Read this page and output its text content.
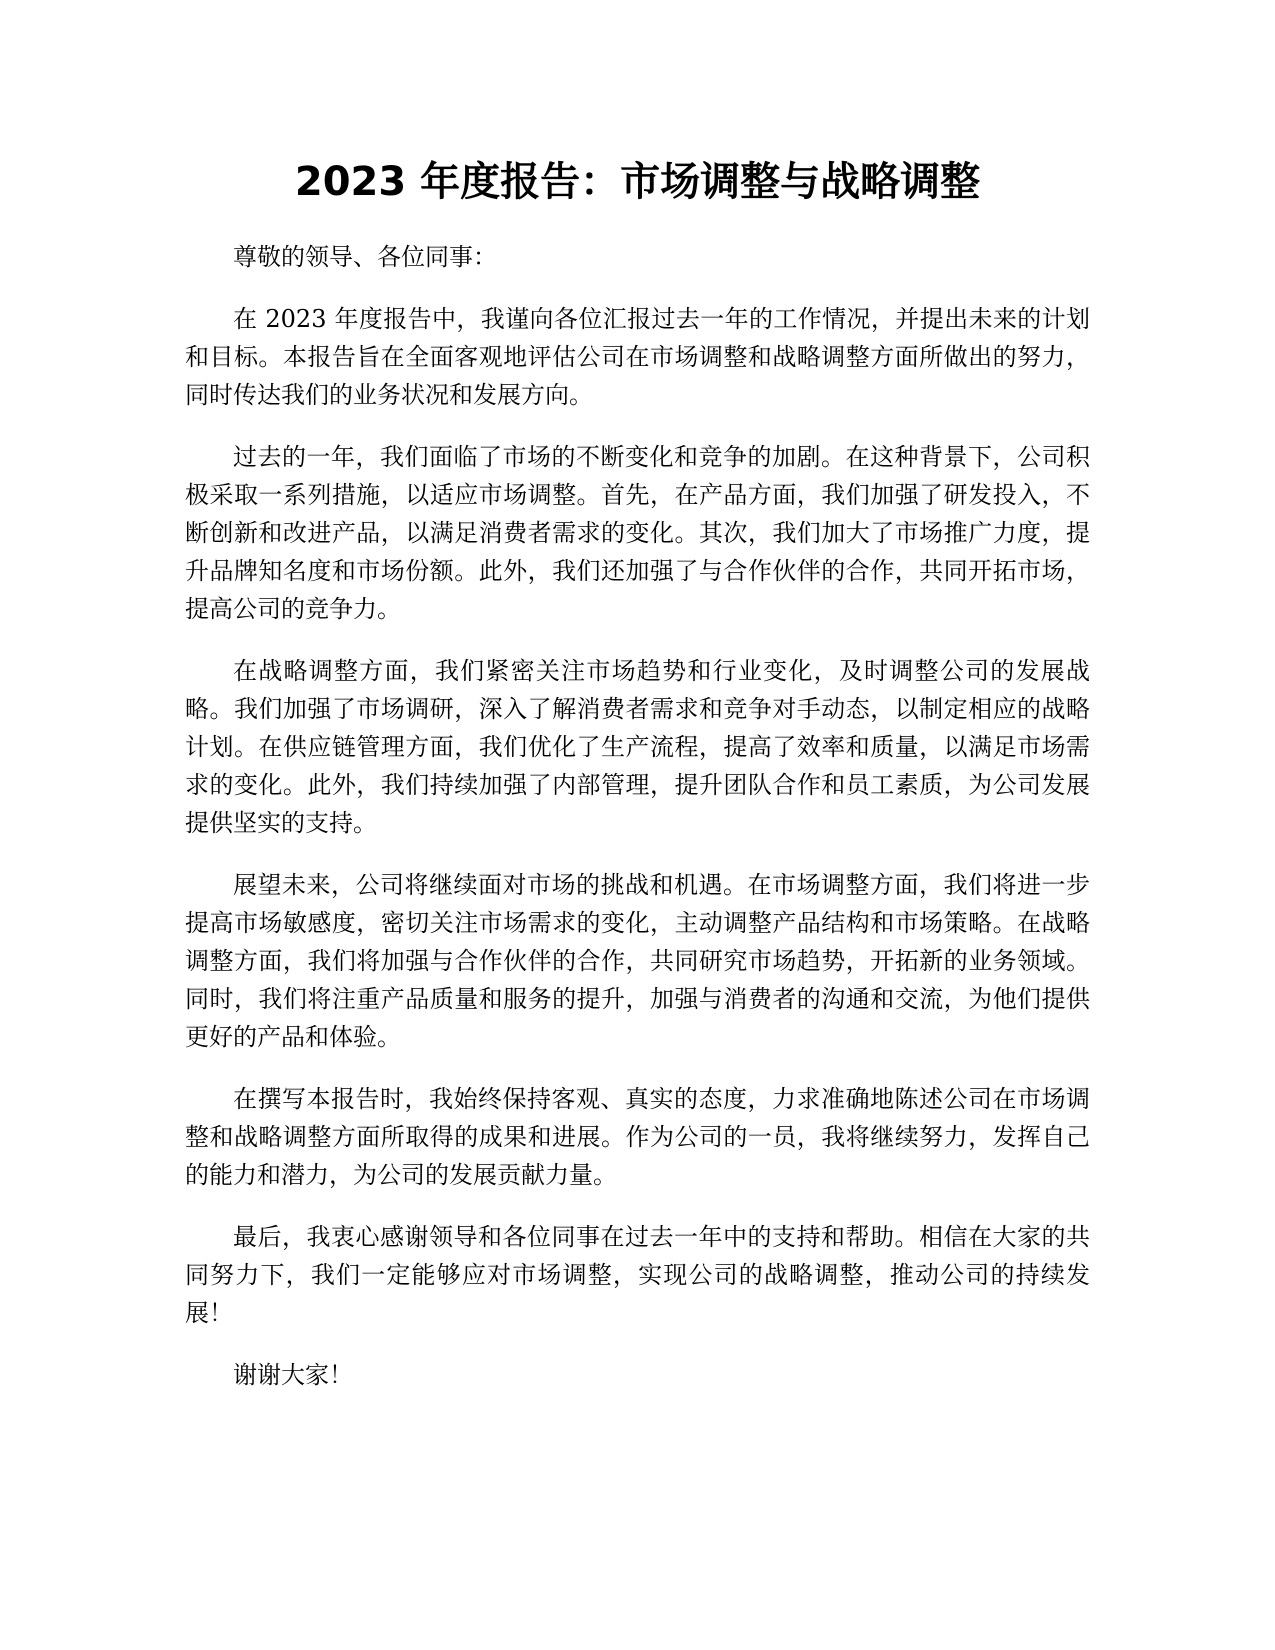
2023 年度报告：市场调整与战略调整

尊敬的领导、各位同事：

在 2023 年度报告中，我谨向各位汇报过去一年的工作情况，并提出未来的计划和目标。本报告旨在全面客观地评估公司在市场调整和战略调整方面所做出的努力，同时传达我们的业务状况和发展方向。

过去的一年，我们面临了市场的不断变化和竞争的加剧。在这种背景下，公司积极采取一系列措施，以适应市场调整。首先，在产品方面，我们加强了研发投入，不断创新和改进产品，以满足消费者需求的变化。其次，我们加大了市场推广力度，提升品牌知名度和市场份额。此外，我们还加强了与合作伙伴的合作，共同开拓市场，提高公司的竞争力。

在战略调整方面，我们紧密关注市场趋势和行业变化，及时调整公司的发展战略。我们加强了市场调研，深入了解消费者需求和竞争对手动态，以制定相应的战略计划。在供应链管理方面，我们优化了生产流程，提高了效率和质量，以满足市场需求的变化。此外，我们持续加强了内部管理，提升团队合作和员工素质，为公司发展提供坚实的支持。

展望未来，公司将继续面对市场的挑战和机遇。在市场调整方面，我们将进一步提高市场敏感度，密切关注市场需求的变化，主动调整产品结构和市场策略。在战略调整方面，我们将加强与合作伙伴的合作，共同研究市场趋势，开拓新的业务领域。同时，我们将注重产品质量和服务的提升，加强与消费者的沟通和交流，为他们提供更好的产品和体验。

在撰写本报告时，我始终保持客观、真实的态度，力求准确地陈述公司在市场调整和战略调整方面所取得的成果和进展。作为公司的一员，我将继续努力，发挥自己的能力和潜力，为公司的发展贡献力量。

最后，我衷心感谢领导和各位同事在过去一年中的支持和帮助。相信在大家的共同努力下，我们一定能够应对市场调整，实现公司的战略调整，推动公司的持续发展！

谢谢大家！
